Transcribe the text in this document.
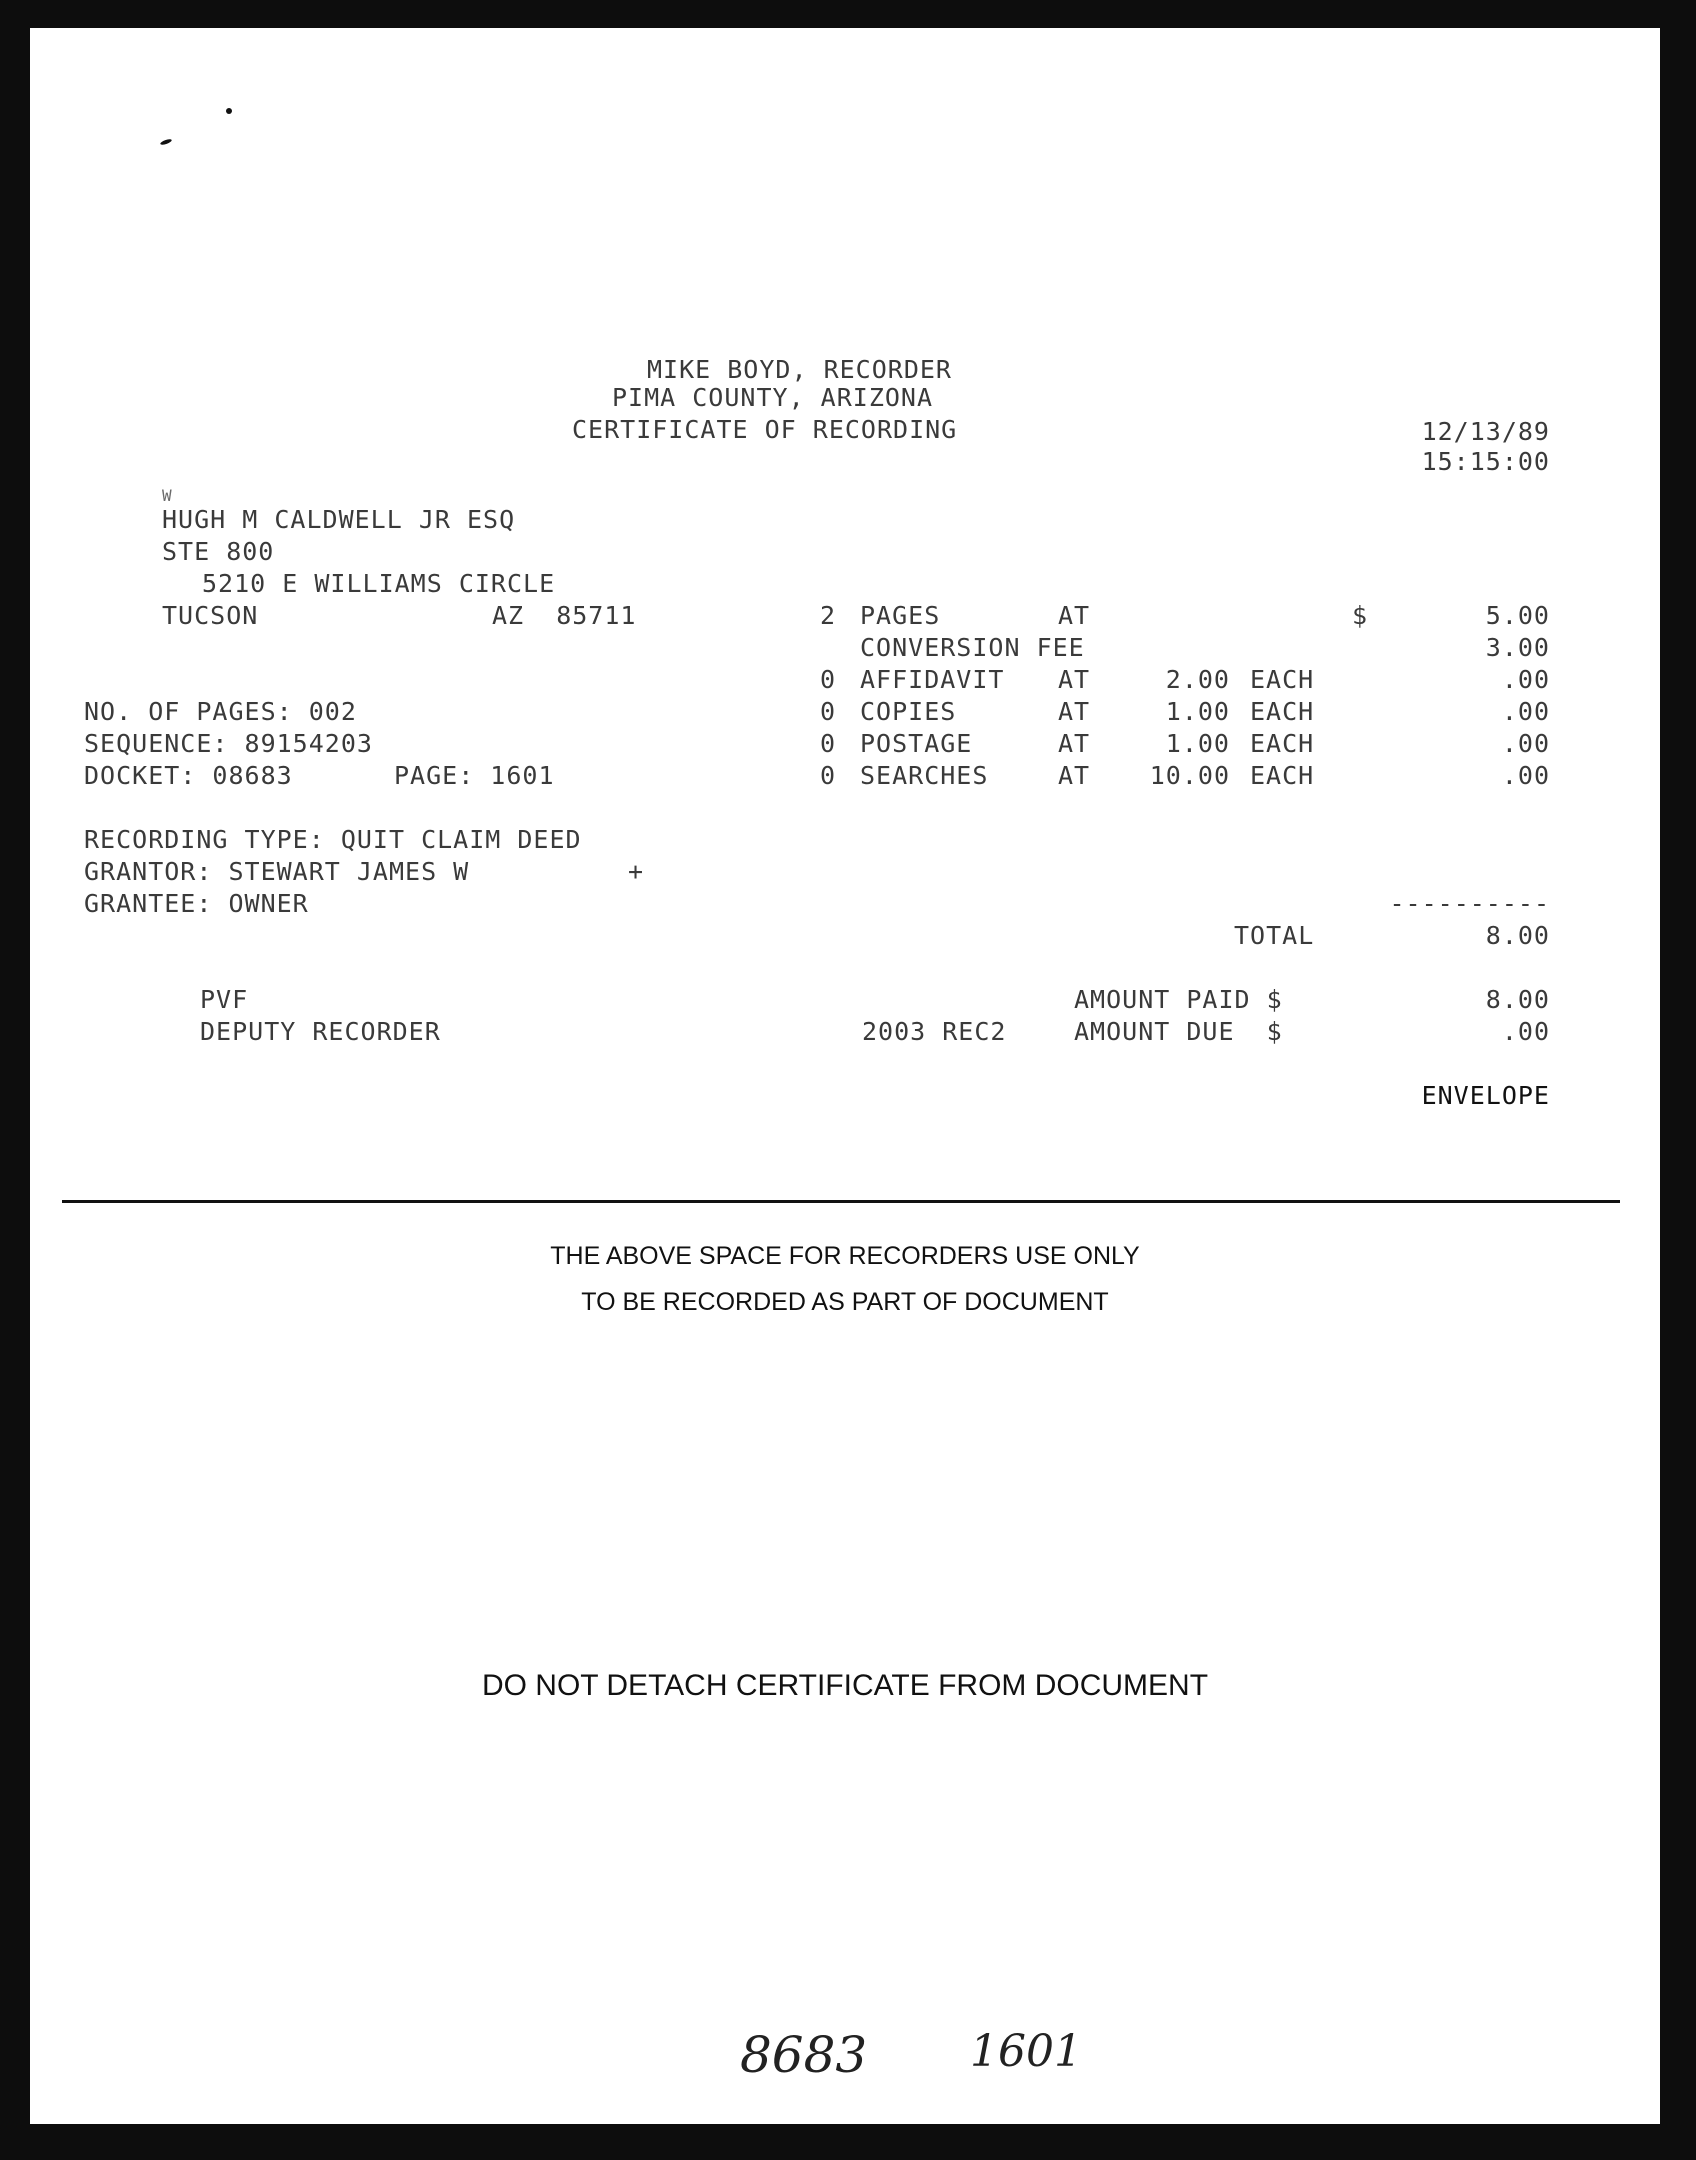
MIKE BOYD, RECORDER
PIMA COUNTY, ARIZONA
CERTIFICATE OF RECORDING	12/13/89
15:15:00
W
HUGH M CALDWELL JR ESQ
STE 800
5210 E WILLIAMS CIRCLE
TUCSON	AZ  85711	2 PAGES	AT	$	5.00
CONVERSION FEE	3.00
0 AFFIDAVIT AT	2.00 EACH	.00
0 COPIES	AT	1.00 EACH	.00
0 POSTAGE	AT	1.00 EACH	.00
0 SEARCHES	AT	10.00 EACH	.00
NO. OF PAGES: 002
SEQUENCE: 89154203
DOCKET: 08683	PAGE: 1601
RECORDING TYPE: QUIT CLAIM DEED
GRANTOR: STEWART JAMES W	+
GRANTEE: OWNER	----------
TOTAL	8.00
PVF	AMOUNT PAID $	8.00
DEPUTY RECORDER	2003 REC2	AMOUNT DUE  $	.00
ENVELOPE
THE ABOVE SPACE FOR RECORDERS USE ONLY
TO BE RECORDED AS PART OF DOCUMENT
DO NOT DETACH CERTIFICATE FROM DOCUMENT
8683 1601
